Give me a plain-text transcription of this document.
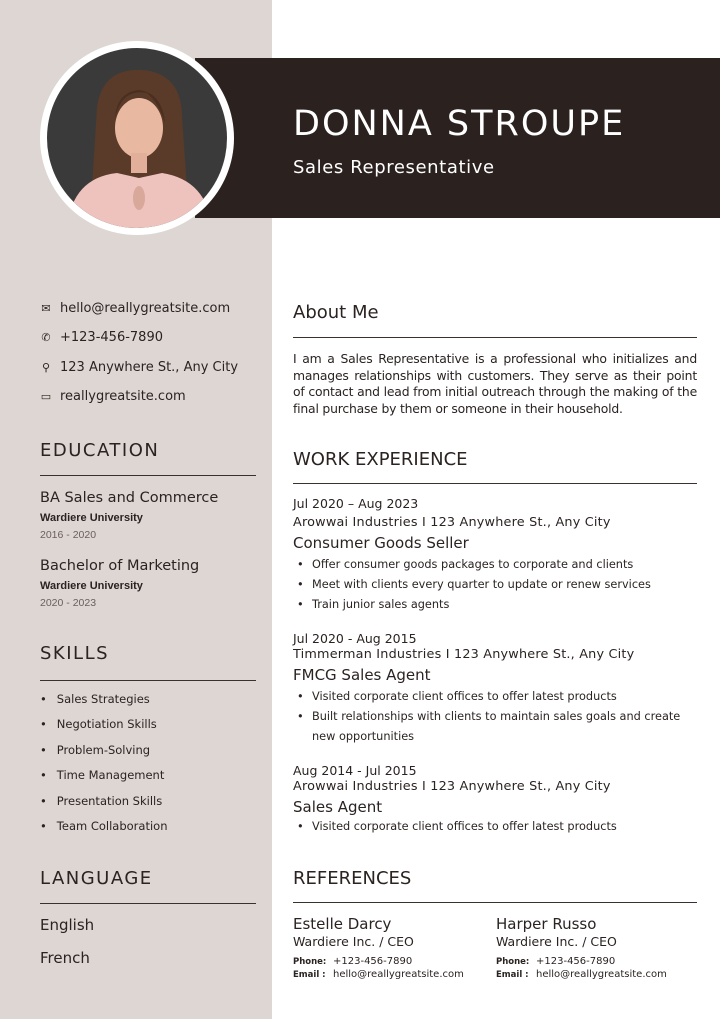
DONNA STROUPE
Sales Representative
✉ hello@reallygreatsite.com
✆ +123-456-7890
⚲ 123 Anywhere St., Any City
▭ reallygreatsite.com
EDUCATION
BA Sales and Commerce
Wardiere University
2016 - 2020
Bachelor of Marketing
Wardiere University
2020 - 2023
SKILLS
• Sales Strategies
• Negotiation Skills
• Problem-Solving
• Time Management
• Presentation Skills
• Team Collaboration
LANGUAGE
English
French
About Me
I am a Sales Representative is a professional who initializes and manages relationships with customers. They serve as their point of contact and lead from initial outreach through the making of the final purchase by them or someone in their household.
WORK EXPERIENCE
Jul 2020 – Aug 2023
Arowwai Industries I 123 Anywhere St., Any City
Consumer Goods Seller
• Offer consumer goods packages to corporate and clients
• Meet with clients every quarter to update or renew services
• Train junior sales agents
Jul 2020 - Aug 2015
Timmerman Industries I 123 Anywhere St., Any City
FMCG Sales Agent
• Visited corporate client offices to offer latest products
• Built relationships with clients to maintain sales goals and create new opportunities
Aug 2014 - Jul 2015
Arowwai Industries I 123 Anywhere St., Any City
Sales Agent
• Visited corporate client offices to offer latest products
REFERENCES
Estelle Darcy
Wardiere Inc. / CEO
Phone: +123-456-7890
Email : hello@reallygreatsite.com
Harper Russo
Wardiere Inc. / CEO
Phone: +123-456-7890
Email : hello@reallygreatsite.com
